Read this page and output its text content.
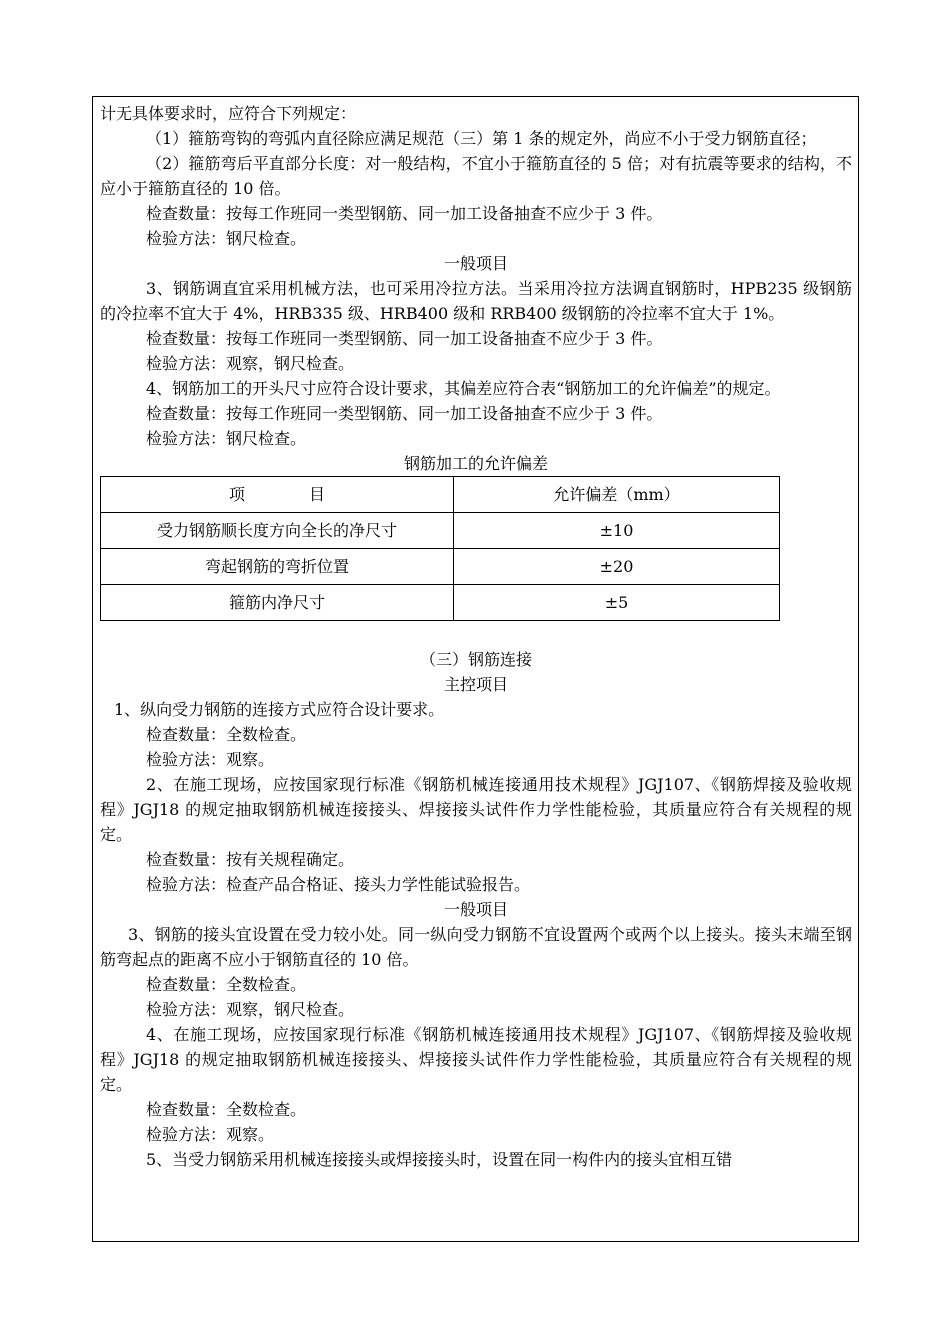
计无具体要求时，应符合下列规定：

（1）箍筋弯钩的弯弧内直径除应满足规范（三）第 1 条的规定外，尚应不小于受力钢筋直径；

（2）箍筋弯后平直部分长度：对一般结构，不宜小于箍筋直径的 5 倍；对有抗震等要求的结构，不应小于箍筋直径的 10 倍。

检查数量：按每工作班同一类型钢筋、同一加工设备抽查不应少于 3 件。

检验方法：钢尺检查。

一般项目

3、钢筋调直宜采用机械方法，也可采用冷拉方法。当采用冷拉方法调直钢筋时，HPB235 级钢筋的冷拉率不宜大于 4%，HRB335 级、HRB400 级和 RRB400 级钢筋的冷拉率不宜大于 1%。

检查数量：按每工作班同一类型钢筋、同一加工设备抽查不应少于 3 件。

检验方法：观察，钢尺检查。

4、钢筋加工的开头尺寸应符合设计要求，其偏差应符合表“钢筋加工的允许偏差”的规定。

检查数量：按每工作班同一类型钢筋、同一加工设备抽查不应少于 3 件。

检验方法：钢尺检查。

钢筋加工的允许偏差

项　　　　目	允许偏差（mm）
受力钢筋顺长度方向全长的净尺寸	±10
弯起钢筋的弯折位置	±20
箍筋内净尺寸	±5

（三）钢筋连接

主控项目

1、纵向受力钢筋的连接方式应符合设计要求。

检查数量：全数检查。

检验方法：观察。

2、在施工现场，应按国家现行标准《钢筋机械连接通用技术规程》JGJ107、《钢筋焊接及验收规程》JGJ18 的规定抽取钢筋机械连接接头、焊接接头试件作力学性能检验，其质量应符合有关规程的规定。

检查数量：按有关规程确定。

检验方法：检查产品合格证、接头力学性能试验报告。

一般项目

3、钢筋的接头宜设置在受力较小处。同一纵向受力钢筋不宜设置两个或两个以上接头。接头末端至钢筋弯起点的距离不应小于钢筋直径的 10 倍。

检查数量：全数检查。

检验方法：观察，钢尺检查。

4、在施工现场，应按国家现行标准《钢筋机械连接通用技术规程》JGJ107、《钢筋焊接及验收规程》JGJ18 的规定抽取钢筋机械连接接头、焊接接头试件作力学性能检验，其质量应符合有关规程的规定。

检查数量：全数检查。

检验方法：观察。

5、当受力钢筋采用机械连接接头或焊接接头时，设置在同一构件内的接头宜相互错
